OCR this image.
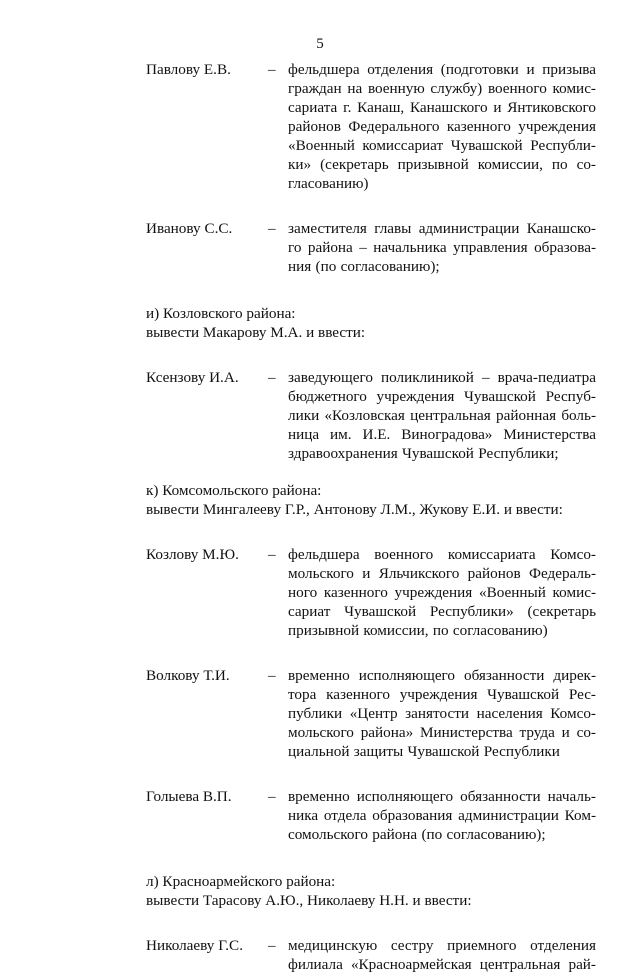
5
Павлову Е.В.	– фельдшера отделения (подготовки и призыва
граждан на военную службу) военного комис-
сариата г. Канаш, Канашского и Янтиковского
районов Федерального казенного учреждения
«Военный комиссариат Чувашской Республи-
ки» (секретарь призывной комиссии, по со-
гласованию)
Иванову С.С.	– заместителя главы администрации Канашско-
го района – начальника управления образова-
ния (по согласованию);
и) Козловского района:
вывести Макарову М.А. и ввести:
Ксензову И.А.	– заведующего поликлиникой – врача-педиатра
бюджетного учреждения Чувашской Респуб-
лики «Козловская центральная районная боль-
ница им. И.Е. Виноградова» Министерства
здравоохранения Чувашской Республики;
к) Комсомольского района:
вывести Мингалееву Г.Р., Антонову Л.М., Жукову Е.И. и ввести:
Козлову М.Ю.	– фельдшера военного комиссариата Комсо-
мольского и Яльчикского районов Федераль-
ного казенного учреждения «Военный комис-
сариат Чувашской Республики» (секретарь
призывной комиссии, по согласованию)
Волкову Т.И.	– временно исполняющего обязанности дирек-
тора казенного учреждения Чувашской Рес-
публики «Центр занятости населения Комсо-
мольского района» Министерства труда и со-
циальной защиты Чувашской Республики
Голыева В.П.	– временно исполняющего обязанности началь-
ника отдела образования администрации Ком-
сомольского района (по согласованию);
л) Красноармейского района:
вывести Тарасову А.Ю., Николаеву Н.Н. и ввести:
Николаеву Г.С.	– медицинскую сестру приемного отделения
филиала «Красноармейская центральная рай-
